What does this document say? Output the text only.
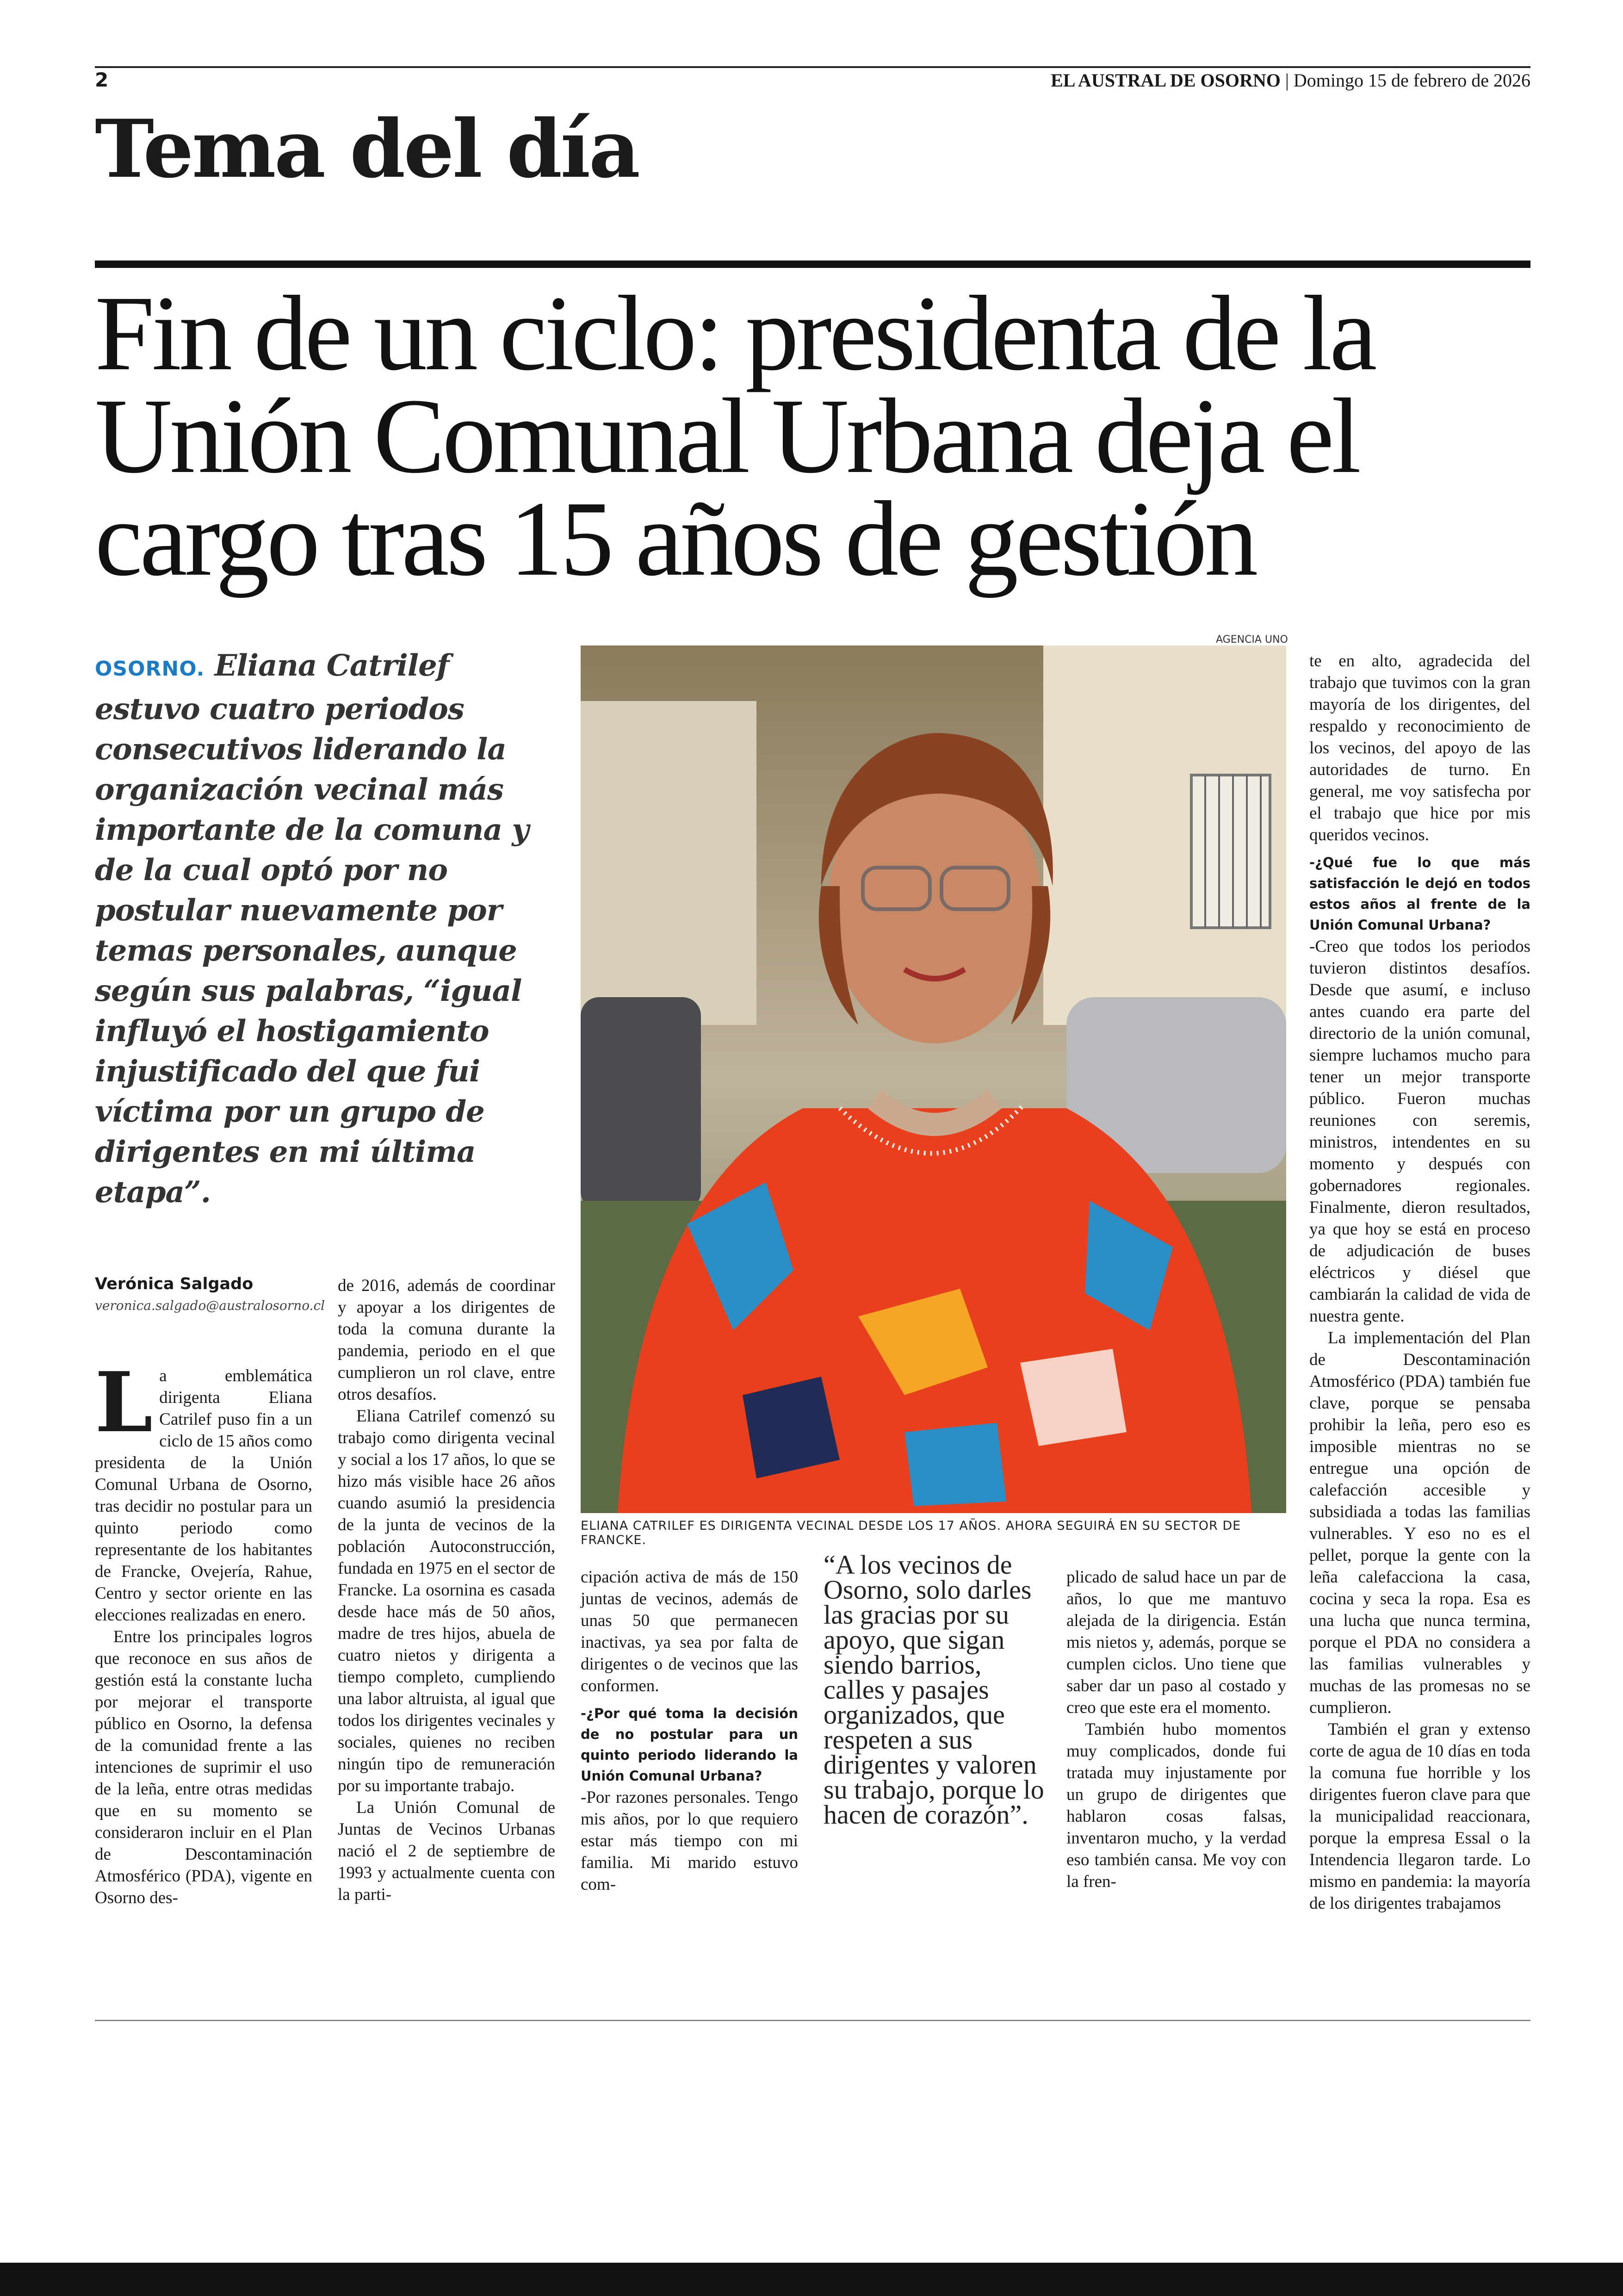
2	EL AUSTRAL DE OSORNO | Domingo 15 de febrero de 2026
Tema del día
Fin de un ciclo: presidenta de la Unión Comunal Urbana deja el cargo tras 15 años de gestión
OSORNO. Eliana Catrilef estuvo cuatro periodos consecutivos liderando la organización vecinal más importante de la comuna y de la cual optó por no postular nuevamente por temas personales, aunque según sus palabras, “igual influyó el hostigamiento injustificado del que fui víctima por un grupo de dirigentes en mi última etapa”.
AGENCIA UNO
ELIANA CATRILEF ES DIRIGENTA VECINAL DESDE LOS 17 AÑOS. AHORA SEGUIRÁ EN SU SECTOR DE FRANCKE.
Verónica Salgado
veronica.salgado@australosorno.cl
L a emblemática dirigenta Eliana Catrilef puso fin a un ciclo de 15 años como presidenta de la Unión Comunal Urbana de Osorno, tras decidir no postular para un quinto periodo como representante de los habitantes de Francke, Ovejería, Rahue, Centro y sector oriente en las elecciones realizadas en enero.

Entre los principales logros que reconoce en sus años de gestión está la constante lucha por mejorar el transporte público en Osorno, la defensa de la comunidad frente a las intenciones de suprimir el uso de la leña, entre otras medidas que en su momento se consideraron incluir en el Plan de Descontaminación Atmosférico (PDA), vigente en Osorno des-

de 2016, además de coordinar y apoyar a los dirigentes de toda la comuna durante la pandemia, periodo en el que cumplieron un rol clave, entre otros desafíos.

Eliana Catrilef comenzó su trabajo como dirigenta vecinal y social a los 17 años, lo que se hizo más visible hace 26 años cuando asumió la presidencia de la junta de vecinos de la población Autoconstrucción, fundada en 1975 en el sector de Francke. La osornina es casada desde hace más de 50 años, madre de tres hijos, abuela de cuatro nietos y dirigenta a tiempo completo, cumpliendo una labor altruista, al igual que todos los dirigentes vecinales y sociales, quienes no reciben ningún tipo de remuneración por su importante trabajo.

La Unión Comunal de Juntas de Vecinos Urbanas nació el 2 de septiembre de 1993 y actualmente cuenta con la parti-

cipación activa de más de 150 juntas de vecinos, además de unas 50 que permanecen inactivas, ya sea por falta de dirigentes o de vecinos que las conformen.

-¿Por qué toma la decisión de no postular para un quinto periodo liderando la Unión Comunal Urbana?

-Por razones personales. Tengo mis años, por lo que requiero estar más tiempo con mi familia. Mi marido estuvo com-

“A los vecinos de Osorno, solo darles las gracias por su apoyo, que sigan siendo barrios, calles y pasajes organizados, que respeten a sus dirigentes y valoren su trabajo, porque lo hacen de corazón”.

plicado de salud hace un par de años, lo que me mantuvo alejada de la dirigencia. Están mis nietos y, además, porque se cumplen ciclos. Uno tiene que saber dar un paso al costado y creo que este era el momento.

También hubo momentos muy complicados, donde fui tratada muy injustamente por un grupo de dirigentes que hablaron cosas falsas, inventaron mucho, y la verdad eso también cansa. Me voy con la fren-

te en alto, agradecida del trabajo que tuvimos con la gran mayoría de los dirigentes, del respaldo y reconocimiento de los vecinos, del apoyo de las autoridades de turno. En general, me voy satisfecha por el trabajo que hice por mis queridos vecinos.

-¿Qué fue lo que más satisfacción le dejó en todos estos años al frente de la Unión Comunal Urbana?

-Creo que todos los periodos tuvieron distintos desafíos. Desde que asumí, e incluso antes cuando era parte del directorio de la unión comunal, siempre luchamos mucho para tener un mejor transporte público. Fueron muchas reuniones con seremis, ministros, intendentes en su momento y después con gobernadores regionales. Finalmente, dieron resultados, ya que hoy se está en proceso de adjudicación de buses eléctricos y diésel que cambiarán la calidad de vida de nuestra gente.

La implementación del Plan de Descontaminación Atmosférico (PDA) también fue clave, porque se pensaba prohibir la leña, pero eso es imposible mientras no se entregue una opción de calefacción accesible y subsidiada a todas las familias vulnerables. Y eso no es el pellet, porque la gente con la leña calefacciona la casa, cocina y seca la ropa. Esa es una lucha que nunca termina, porque el PDA no considera a las familias vulnerables y muchas de las promesas no se cumplieron.

También el gran y extenso corte de agua de 10 días en toda la comuna fue horrible y los dirigentes fueron clave para que la municipalidad reaccionara, porque la empresa Essal o la Intendencia llegaron tarde. Lo mismo en pandemia: la mayoría de los dirigentes trabajamos
